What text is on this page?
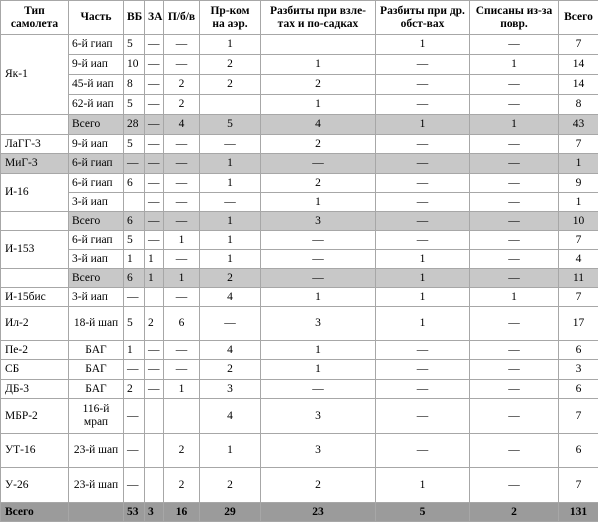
Тип самолета	Часть	ВБ	ЗА	П/б/в	Пр-ком на аэр.	Разбиты при взле-тах и по-садках	Разбиты при др. обст-вах	Списаны из-за повр.	Всего
Як-1	6-й гиап	5	—	—	1		1	—	7
	9-й иап	10	—	—	2	1	—	1	14
	45-й иап	8	—	2	2	2	—	—	14
	62-й иап	5	—	2		1	—	—	8
	Всего	28	—	4	5	4	1	1	43
ЛаГГ-3	9-й иап	5	—	—	—	2	—	—	7
МиГ-3	6-й гиап	—	—	—	1	—	—	—	1
И-16	6-й гиап	6	—	—	1	2	—	—	9
	3-й иап		—	—	—	1	—	—	1
	Всего	6	—	—	1	3	—	—	10
И-153	6-й гиап	5	—	1	1	—	—	—	7
	3-й иап	1	1	—	1	—	1	—	4
	Всего	6	1	1	2	—	1	—	11
И-15бис	3-й иап	—		—	4	1	1	1	7
Ил-2	18-й шап	5	2	6	—	3	1	—	17
Пе-2	БАГ	1	—	—	4	1	—	—	6
СБ	БАГ	—	—	—	2	1	—	—	3
ДБ-3	БАГ	2	—	1	3	—	—	—	6
МБР-2	116-й мрап	—			4	3	—	—	7
УТ-16	23-й шап	—		2	1	3	—	—	6
У-26	23-й шап	—		2	2	2	1	—	7
Всего		53	3	16	29	23	5	2	131
